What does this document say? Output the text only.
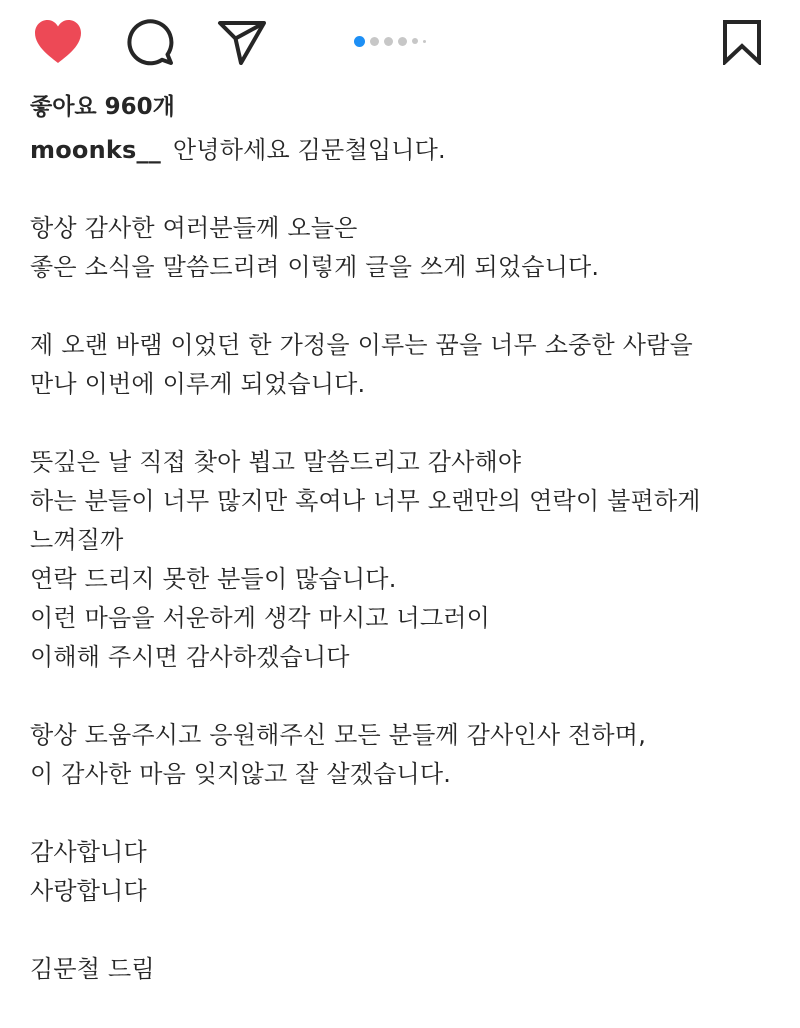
좋아요 960개
moonks__ 안녕하세요 김문철입니다.
항상 감사한 여러분들께 오늘은
좋은 소식을 말씀드리려 이렇게 글을 쓰게 되었습니다.
제 오랜 바램 이었던 한 가정을 이루는 꿈을 너무 소중한 사람을
만나 이번에 이루게 되었습니다.
뜻깊은 날 직접 찾아 뵙고 말씀드리고 감사해야
하는 분들이 너무 많지만 혹여나 너무 오랜만의 연락이 불편하게
느껴질까
연락 드리지 못한 분들이 많습니다.
이런 마음을 서운하게 생각 마시고 너그러이
이해해 주시면 감사하겠습니다
항상 도움주시고 응원해주신 모든 분들께 감사인사 전하며,
이 감사한 마음 잊지않고 잘 살겠습니다.
감사합니다
사랑합니다
김문철 드림
